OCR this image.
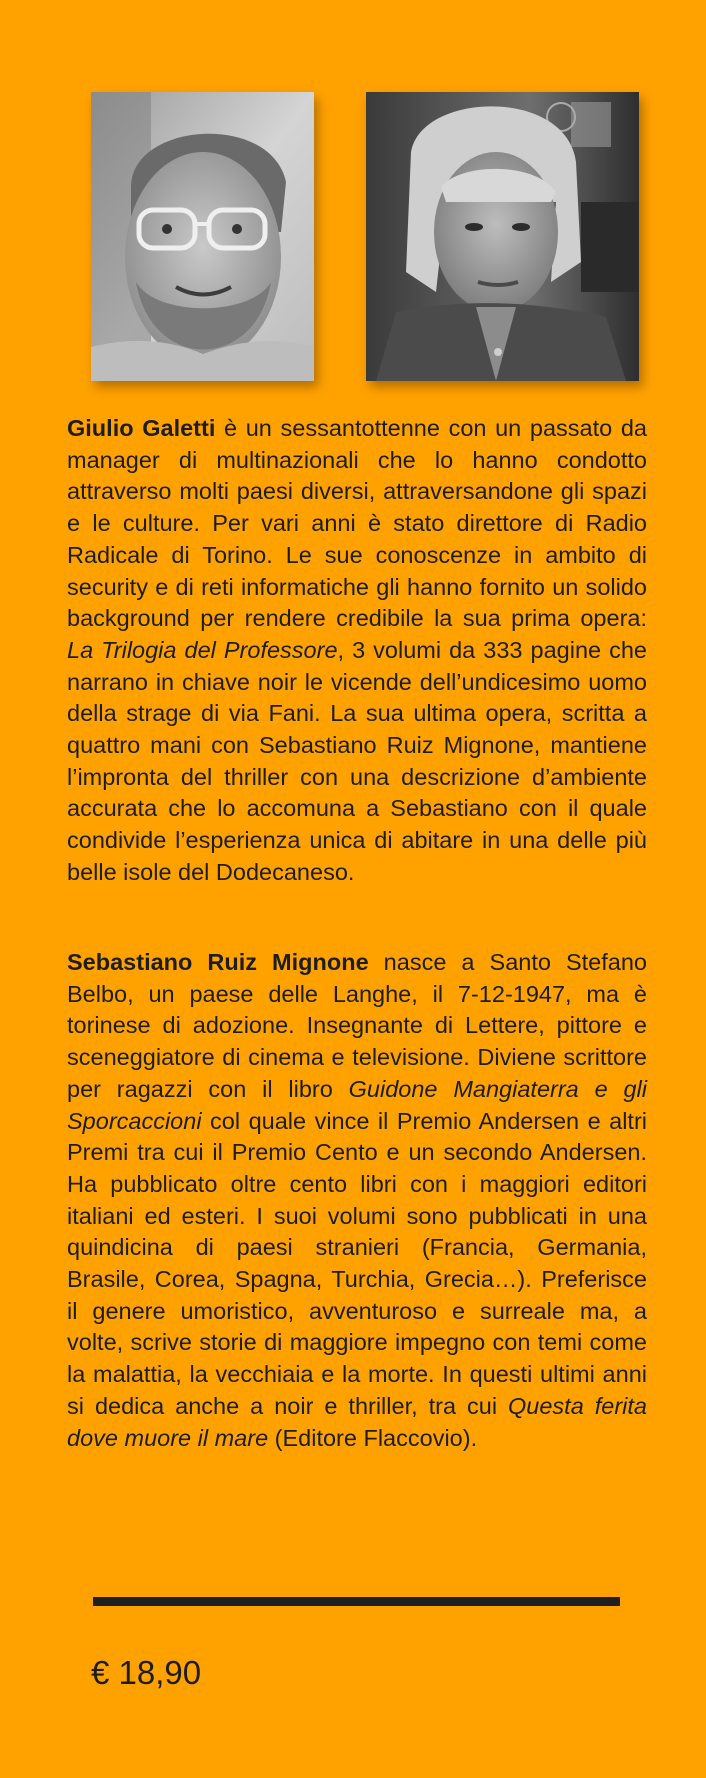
Giulio Galetti è un sessantottenne con un passato da manager di multinazionali che lo hanno condotto attraverso molti paesi diversi, attraversandone gli spazi e le culture. Per vari anni è stato direttore di Radio Radicale di Torino. Le sue conoscenze in ambito di security e di reti informatiche gli hanno fornito un solido background per rendere credibile la sua prima opera: La Trilogia del Professore, 3 volumi da 333 pagine che narrano in chiave noir le vicende dell’undicesimo uomo della strage di via Fani. La sua ultima opera, scritta a quattro mani con Sebastiano Ruiz Mignone, mantiene l’impronta del thriller con una descrizione d’ambiente accurata che lo accomuna a Sebastiano con il quale condivide l’esperienza unica di abitare in una delle più belle isole del Dodecaneso.

Sebastiano Ruiz Mignone nasce a Santo Stefano Belbo, un paese delle Langhe, il 7-12-1947, ma è torinese di adozione. Insegnante di Lettere, pittore e sceneggiatore di cinema e televisione. Diviene scrittore per ragazzi con il libro Guidone Mangiaterra e gli Sporcaccioni col quale vince il Premio Andersen e altri Premi tra cui il Premio Cento e un secondo Andersen. Ha pubblicato oltre cento libri con i maggiori editori italiani ed esteri. I suoi volumi sono pubblicati in una quindicina di paesi stranieri (Francia, Germania, Brasile, Corea, Spagna, Turchia, Grecia…). Preferisce il genere umoristico, avventuroso e surreale ma, a volte, scrive storie di maggiore impegno con temi come la malattia, la vecchiaia e la morte. In questi ultimi anni si dedica anche a noir e thriller, tra cui Questa ferita dove muore il mare (Editore Flaccovio).

€ 18,90
